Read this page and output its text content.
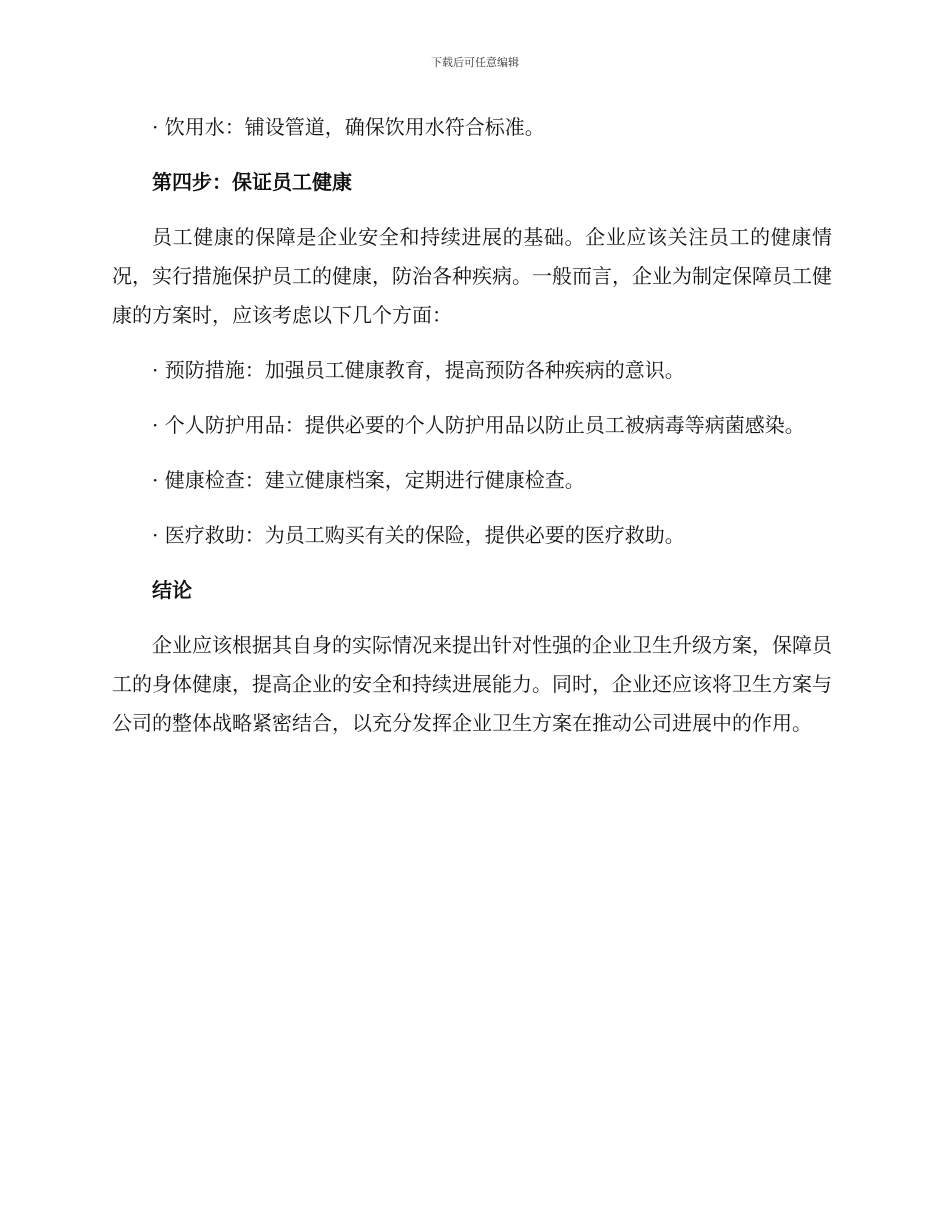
下载后可任意编辑

· 饮用水：铺设管道，确保饮用水符合标准。

第四步：保证员工健康

员工健康的保障是企业安全和持续进展的基础。企业应该关注员工的健康情况，实行措施保护员工的健康，防治各种疾病。一般而言，企业为制定保障员工健康的方案时，应该考虑以下几个方面：

· 预防措施：加强员工健康教育，提高预防各种疾病的意识。

· 个人防护用品：提供必要的个人防护用品以防止员工被病毒等病菌感染。

· 健康检查：建立健康档案，定期进行健康检查。

· 医疗救助：为员工购买有关的保险，提供必要的医疗救助。

结论

企业应该根据其自身的实际情况来提出针对性强的企业卫生升级方案，保障员工的身体健康，提高企业的安全和持续进展能力。同时，企业还应该将卫生方案与公司的整体战略紧密结合，以充分发挥企业卫生方案在推动公司进展中的作用。
